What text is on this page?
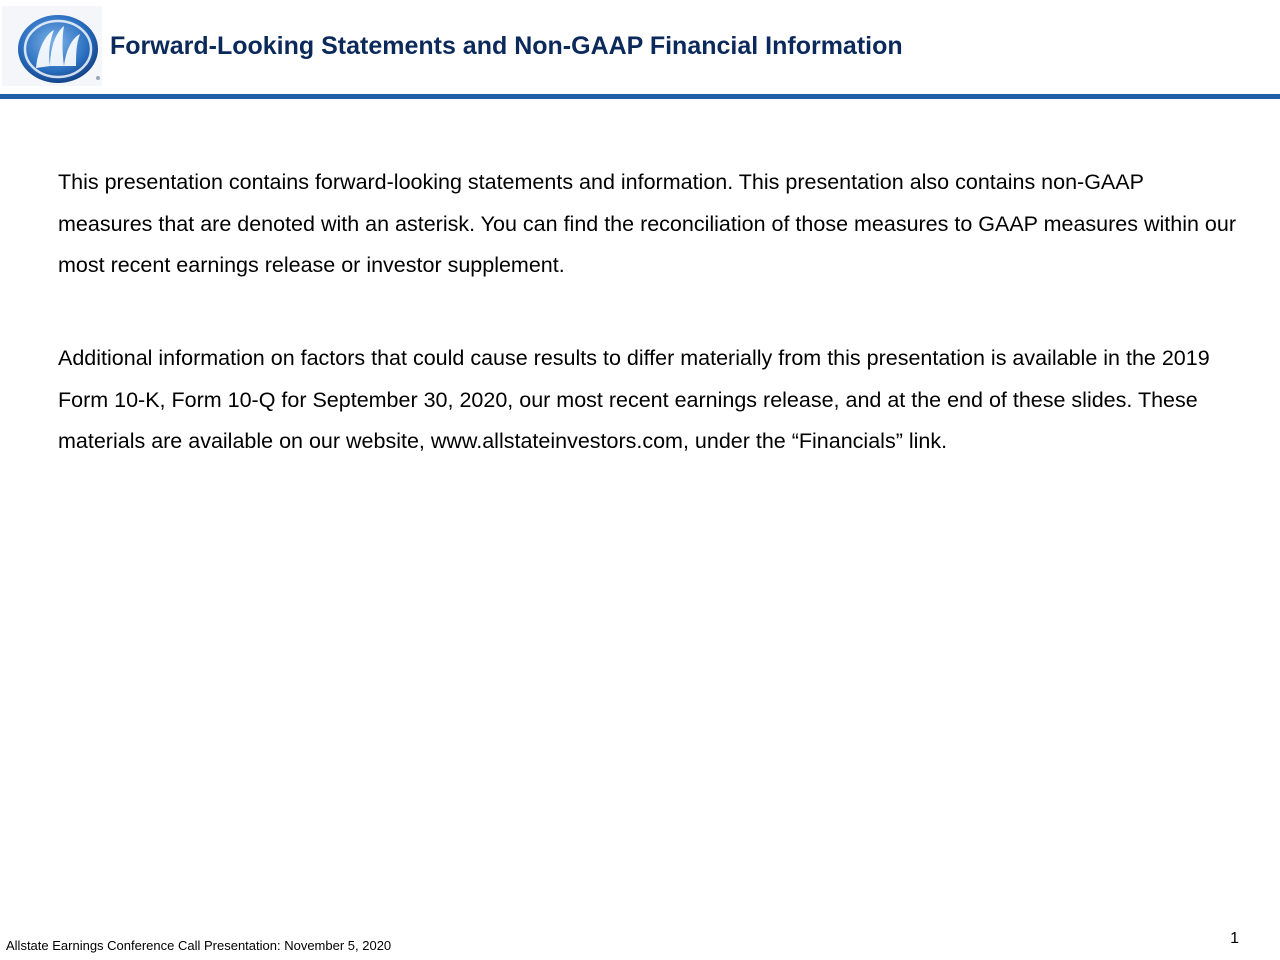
Forward-Looking Statements and Non-GAAP Financial Information
This presentation contains forward-looking statements and information. This presentation also contains non-GAAP measures that are denoted with an asterisk. You can find the reconciliation of those measures to GAAP measures within our most recent earnings release or investor supplement.
Additional information on factors that could cause results to differ materially from this presentation is available in the 2019 Form 10-K, Form 10-Q for September 30, 2020, our most recent earnings release, and at the end of these slides. These materials are available on our website, www.allstateinvestors.com, under the “Financials” link.
Allstate Earnings Conference Call Presentation: November 5, 2020	1
